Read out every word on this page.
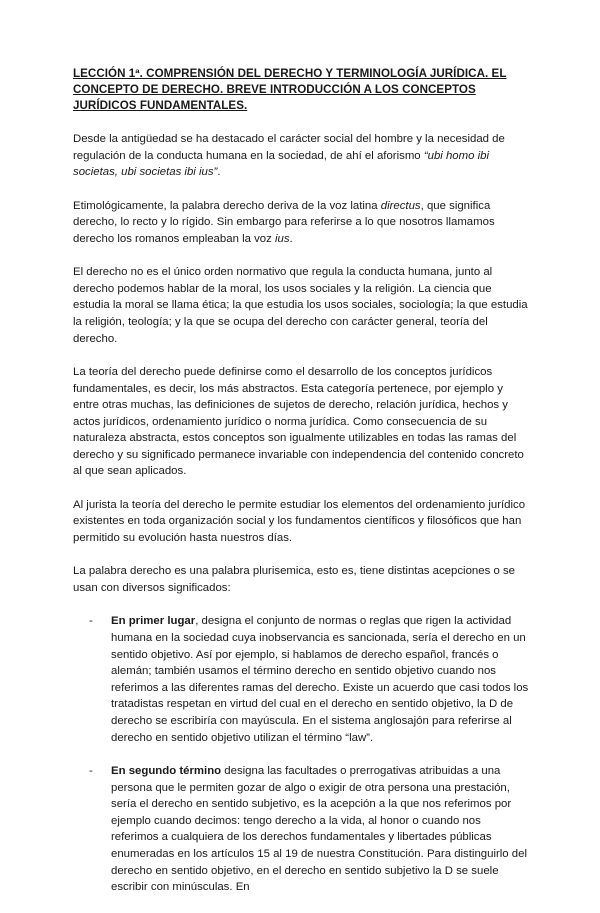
LECCIÓN 1ª. COMPRENSIÓN DEL DERECHO Y TERMINOLOGÍA JURÍDICA. EL CONCEPTO DE DERECHO. BREVE INTRODUCCIÓN A LOS CONCEPTOS JURÍDICOS FUNDAMENTALES.

Desde la antigüedad se ha destacado el carácter social del hombre y la necesidad de regulación de la conducta humana en la sociedad, de ahí el aforismo “ubi homo ibi societas, ubi societas ibi ius”.

Etimológicamente, la palabra derecho deriva de la voz latina directus, que significa derecho, lo recto y lo rígido. Sin embargo para referirse a lo que nosotros llamamos derecho los romanos empleaban la voz ius.

El derecho no es el único orden normativo que regula la conducta humana, junto al derecho podemos hablar de la moral, los usos sociales y la religión. La ciencia que estudia la moral se llama ética; la que estudia los usos sociales, sociología; la que estudia la religión, teología; y la que se ocupa del derecho con carácter general, teoría del derecho.

La teoría del derecho puede definirse como el desarrollo de los conceptos jurídicos fundamentales, es decir, los más abstractos. Esta categoría pertenece, por ejemplo y entre otras muchas, las definiciones de sujetos de derecho, relación jurídica, hechos y actos jurídicos, ordenamiento jurídico o norma jurídica. Como consecuencia de su naturaleza abstracta, estos conceptos son igualmente utilizables en todas las ramas del derecho y su significado permanece invariable con independencia del contenido concreto al que sean aplicados.

Al jurista la teoría del derecho le permite estudiar los elementos del ordenamiento jurídico existentes en toda organización social y los fundamentos científicos y filosóficos que han permitido su evolución hasta nuestros días.

La palabra derecho es una palabra plurisemica, esto es, tiene distintas acepciones o se usan con diversos significados:

- En primer lugar, designa el conjunto de normas o reglas que rigen la actividad humana en la sociedad cuya inobservancia es sancionada, sería el derecho en un sentido objetivo. Así por ejemplo, si hablamos de derecho español, francés o alemán; también usamos el término derecho en sentido objetivo cuando nos referimos a las diferentes ramas del derecho. Existe un acuerdo que casi todos los tratadistas respetan en virtud del cual en el derecho en sentido objetivo, la D de derecho se escribiría con mayúscula. En el sistema anglosajón para referirse al derecho en sentido objetivo utilizan el término “law”.
- En segundo término designa las facultades o prerrogativas atribuidas a una persona que le permiten gozar de algo o exigir de otra persona una prestación, sería el derecho en sentido subjetivo, es la acepción a la que nos referimos por ejemplo cuando decimos: tengo derecho a la vida, al honor o cuando nos referimos a cualquiera de los derechos fundamentales y libertades públicas enumeradas en los artículos 15 al 19 de nuestra Constitución. Para distinguirlo del derecho en sentido objetivo, en el derecho en sentido subjetivo la D se suele escribir con minúsculas. En
